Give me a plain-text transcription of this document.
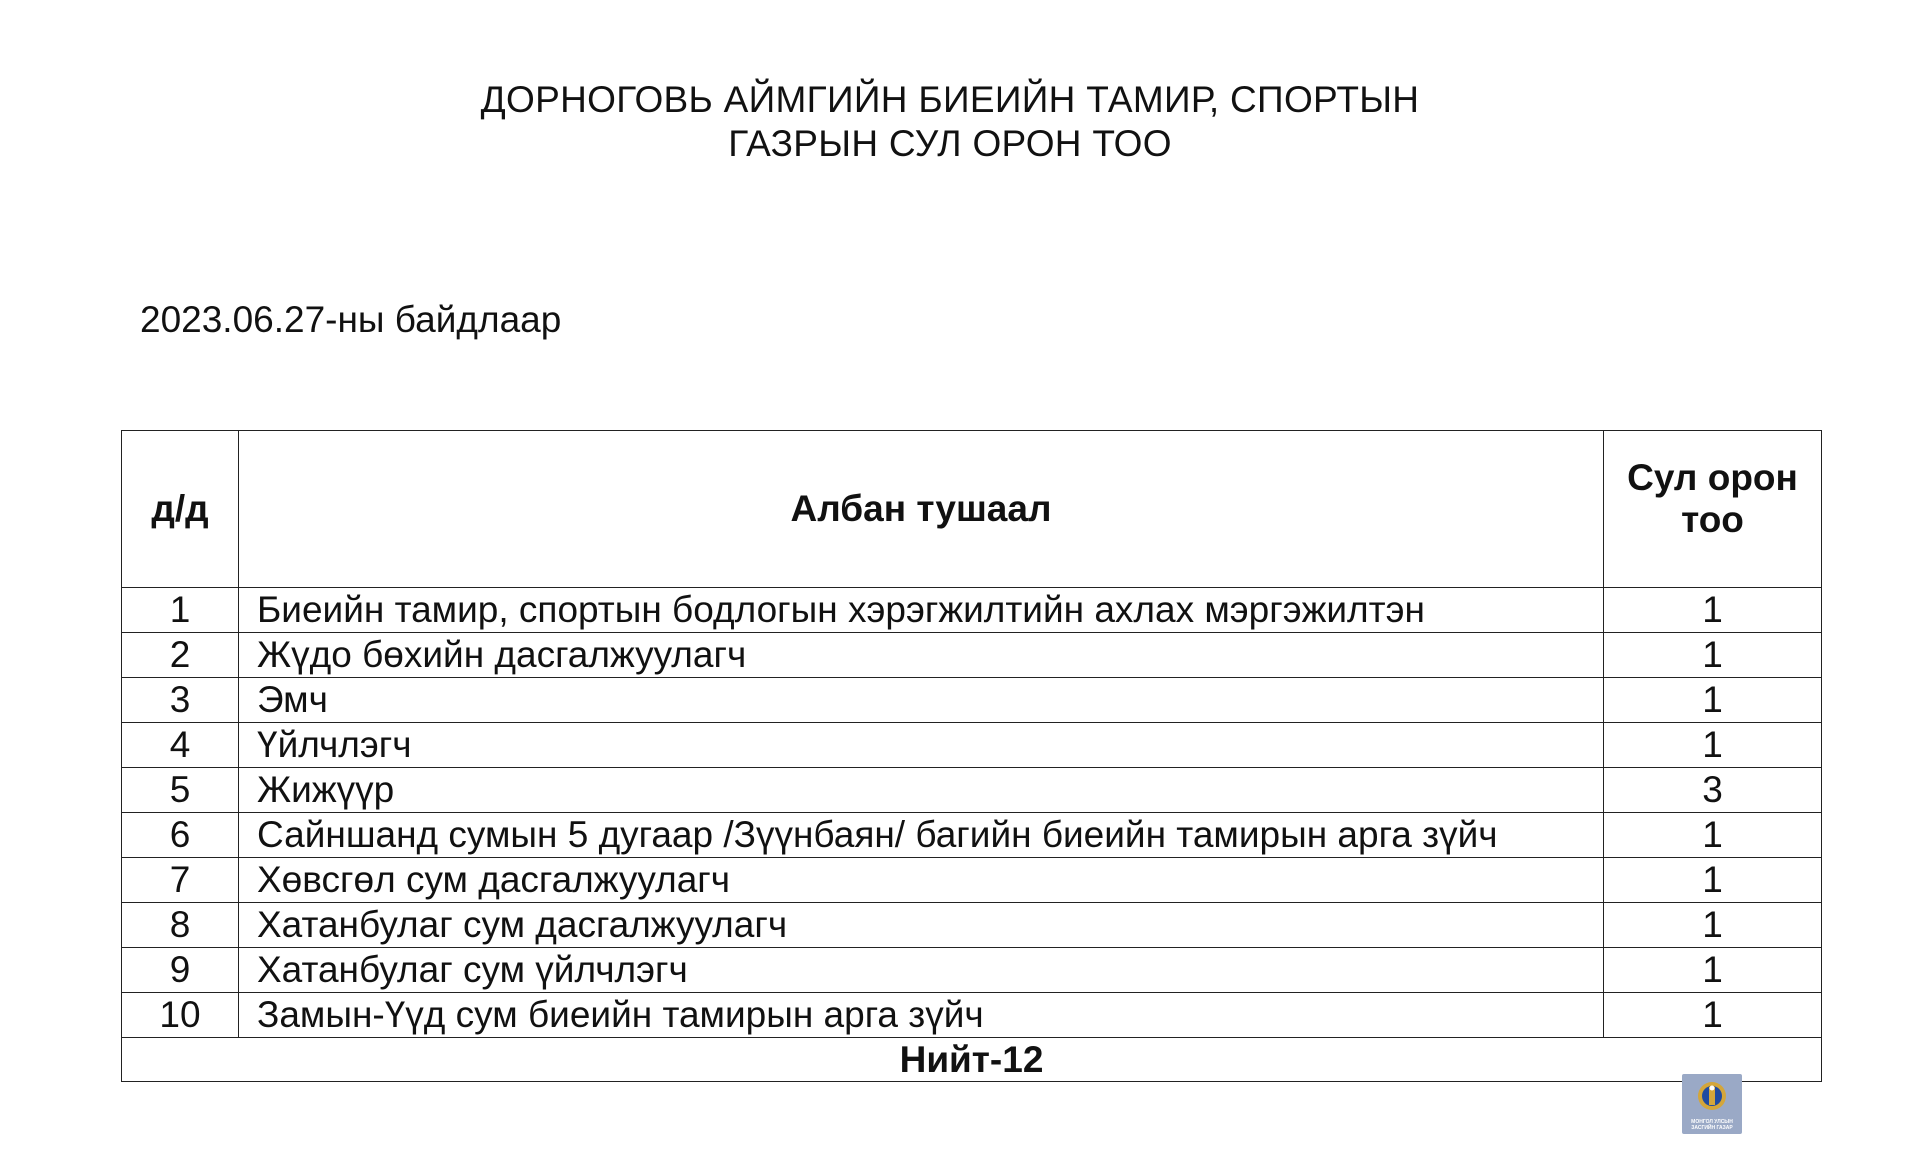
ДОРНОГОВЬ АЙМГИЙН БИЕИЙН ТАМИР, СПОРТЫН
ГАЗРЫН СУЛ ОРОН ТОО
2023.06.27-ны байдлаар
д/д	Албан тушаал	Сул орон тоо
1	Биеийн тамир, спортын бодлогын хэрэгжилтийн ахлах мэргэжилтэн	1
2	Жүдо бөхийн дасгалжуулагч	1
3	Эмч	1
4	Үйлчлэгч	1
5	Жижүүр	3
6	Сайншанд сумын 5 дугаар /Зүүнбаян/ багийн биеийн тамирын арга зүйч	1
7	Хөвсгөл сум дасгалжуулагч	1
8	Хатанбулаг сум дасгалжуулагч	1
9	Хатанбулаг сум үйлчлэгч	1
10	Замын-Үүд сум биеийн тамирын арга зүйч	1
Нийт-12		
МОНГОЛ УЛСЫН
ЗАСГИЙН ГАЗАР
